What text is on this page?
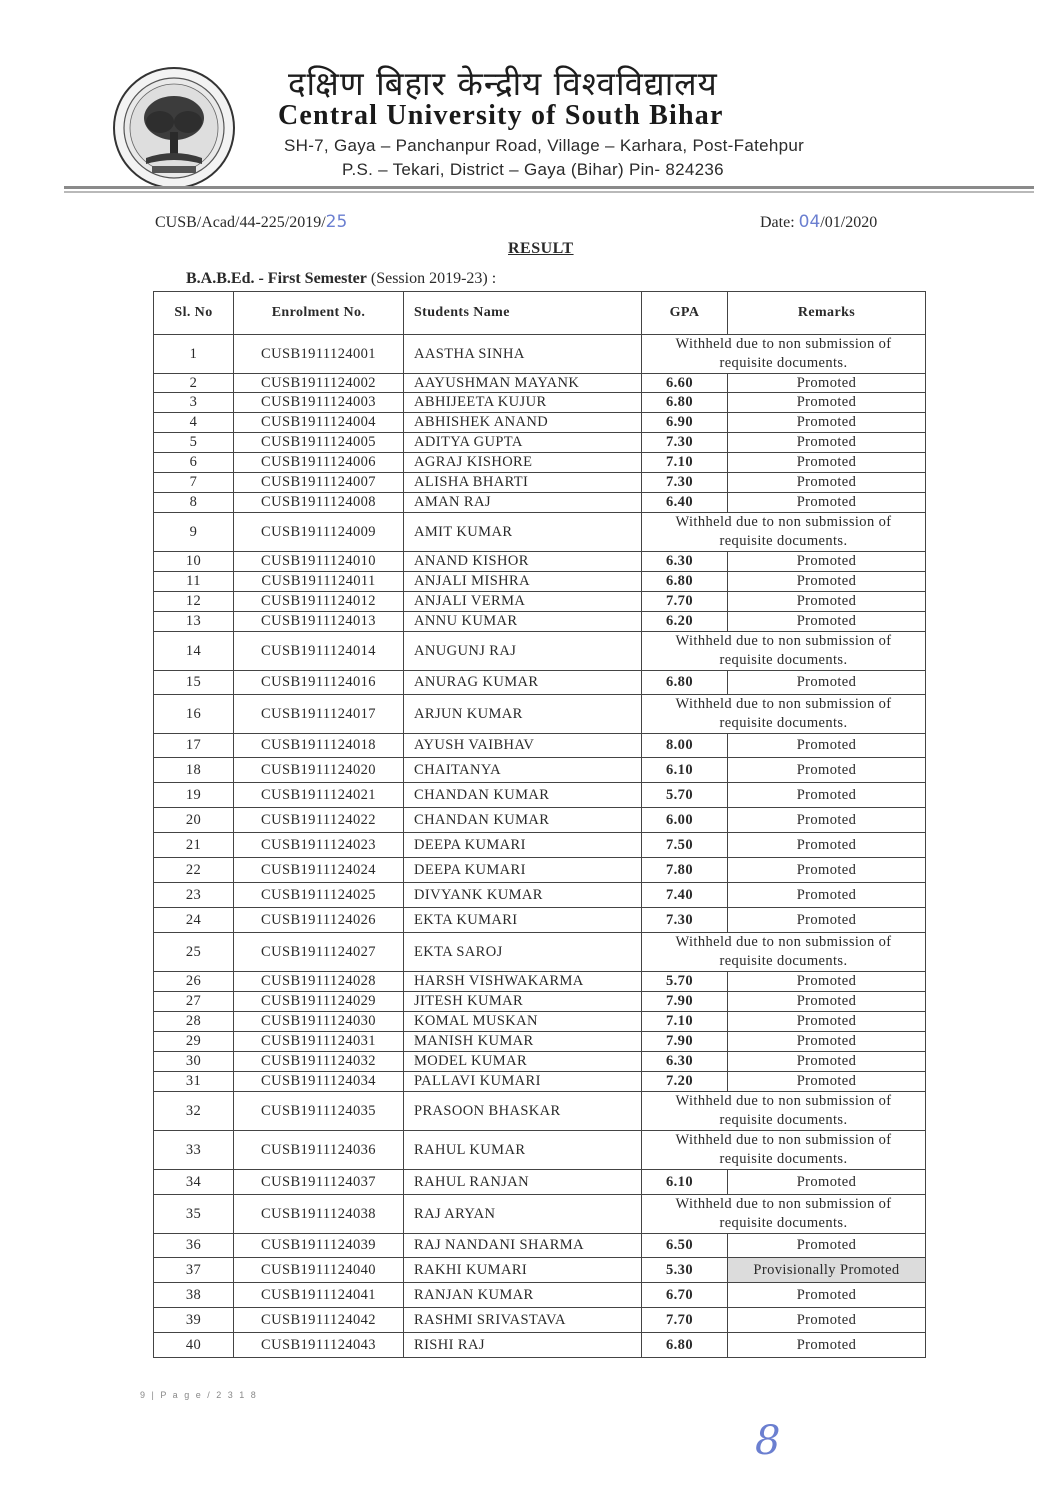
दक्षिण बिहार केन्द्रीय विश्वविद्यालय
Central University of South Bihar
SH-7, Gaya – Panchanpur Road, Village – Karhara, Post-Fatehpur
P.S. – Tekari, District – Gaya (Bihar) Pin- 824236
CUSB/Acad/44-225/2019/25	Date: 04/01/2020
RESULT
B.A.B.Ed. - First Semester (Session 2019-23) :
Sl. No	Enrolment No.	Students Name	GPA	Remarks
1	CUSB1911124001	AASTHA SINHA	Withheld due to non submission of requisite documents.	
2	CUSB1911124002	AAYUSHMAN MAYANK	6.60	Promoted
3	CUSB1911124003	ABHIJEETA KUJUR	6.80	Promoted
4	CUSB1911124004	ABHISHEK ANAND	6.90	Promoted
5	CUSB1911124005	ADITYA GUPTA	7.30	Promoted
6	CUSB1911124006	AGRAJ KISHORE	7.10	Promoted
7	CUSB1911124007	ALISHA BHARTI	7.30	Promoted
8	CUSB1911124008	AMAN RAJ	6.40	Promoted
9	CUSB1911124009	AMIT KUMAR	Withheld due to non submission of requisite documents.	
10	CUSB1911124010	ANAND KISHOR	6.30	Promoted
11	CUSB1911124011	ANJALI MISHRA	6.80	Promoted
12	CUSB1911124012	ANJALI VERMA	7.70	Promoted
13	CUSB1911124013	ANNU KUMAR	6.20	Promoted
14	CUSB1911124014	ANUGUNJ RAJ	Withheld due to non submission of requisite documents.	
15	CUSB1911124016	ANURAG KUMAR	6.80	Promoted
16	CUSB1911124017	ARJUN KUMAR	Withheld due to non submission of requisite documents.	
17	CUSB1911124018	AYUSH VAIBHAV	8.00	Promoted
18	CUSB1911124020	CHAITANYA	6.10	Promoted
19	CUSB1911124021	CHANDAN KUMAR	5.70	Promoted
20	CUSB1911124022	CHANDAN KUMAR	6.00	Promoted
21	CUSB1911124023	DEEPA KUMARI	7.50	Promoted
22	CUSB1911124024	DEEPA KUMARI	7.80	Promoted
23	CUSB1911124025	DIVYANK KUMAR	7.40	Promoted
24	CUSB1911124026	EKTA KUMARI	7.30	Promoted
25	CUSB1911124027	EKTA SAROJ	Withheld due to non submission of requisite documents.	
26	CUSB1911124028	HARSH VISHWAKARMA	5.70	Promoted
27	CUSB1911124029	JITESH KUMAR	7.90	Promoted
28	CUSB1911124030	KOMAL MUSKAN	7.10	Promoted
29	CUSB1911124031	MANISH KUMAR	7.90	Promoted
30	CUSB1911124032	MODEL KUMAR	6.30	Promoted
31	CUSB1911124034	PALLAVI KUMARI	7.20	Promoted
32	CUSB1911124035	PRASOON BHASKAR	Withheld due to non submission of requisite documents.	
33	CUSB1911124036	RAHUL KUMAR	Withheld due to non submission of requisite documents.	
34	CUSB1911124037	RAHUL RANJAN	6.10	Promoted
35	CUSB1911124038	RAJ ARYAN	Withheld due to non submission of requisite documents.	
36	CUSB1911124039	RAJ NANDANI SHARMA	6.50	Promoted
37	CUSB1911124040	RAKHI KUMARI	5.30	Provisionally Promoted
38	CUSB1911124041	RANJAN KUMAR	6.70	Promoted
39	CUSB1911124042	RASHMI SRIVASTAVA	7.70	Promoted
40	CUSB1911124043	RISHI RAJ	6.80	Promoted
9 | P a g e / 2 3 1 8
8
